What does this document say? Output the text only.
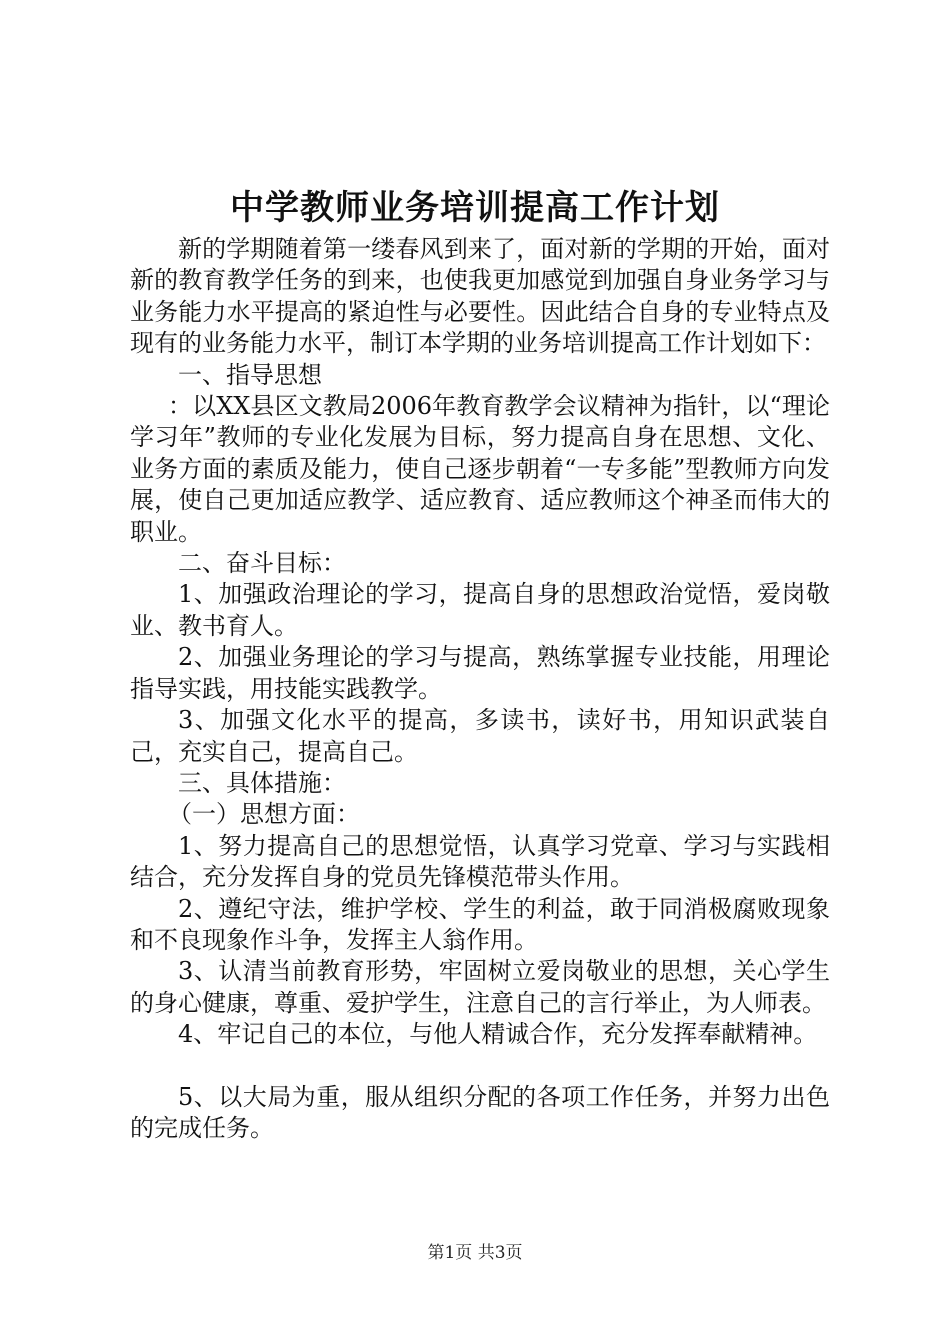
中学教师业务培训提高工作计划

新的学期随着第一缕春风到来了，面对新的学期的开始，面对新的教育教学任务的到来，也使我更加感觉到加强自身业务学习与业务能力水平提高的紧迫性与必要性。因此结合自身的专业特点及现有的业务能力水平，制订本学期的业务培训提高工作计划如下：

一、指导思想

：以XX县区文教局2006年教育教学会议精神为指针，以“理论学习年”教师的专业化发展为目标，努力提高自身在思想、文化、业务方面的素质及能力，使自己逐步朝着“一专多能”型教师方向发展，使自己更加适应教学、适应教育、适应教师这个神圣而伟大的职业。

二、奋斗目标：

1、加强政治理论的学习，提高自身的思想政治觉悟，爱岗敬业、教书育人。

2、加强业务理论的学习与提高，熟练掌握专业技能，用理论指导实践，用技能实践教学。

3、加强文化水平的提高，多读书，读好书，用知识武装自己，充实自己，提高自己。

三、具体措施：

（一）思想方面：

1、努力提高自己的思想觉悟，认真学习党章、学习与实践相结合，充分发挥自身的党员先锋模范带头作用。

2、遵纪守法，维护学校、学生的利益，敢于同消极腐败现象和不良现象作斗争，发挥主人翁作用。

3、认清当前教育形势，牢固树立爱岗敬业的思想，关心学生的身心健康，尊重、爱护学生，注意自己的言行举止，为人师表。

4、牢记自己的本位，与他人精诚合作，充分发挥奉献精神。

5、以大局为重，服从组织分配的各项工作任务，并努力出色的完成任务。

第1页 共3页
